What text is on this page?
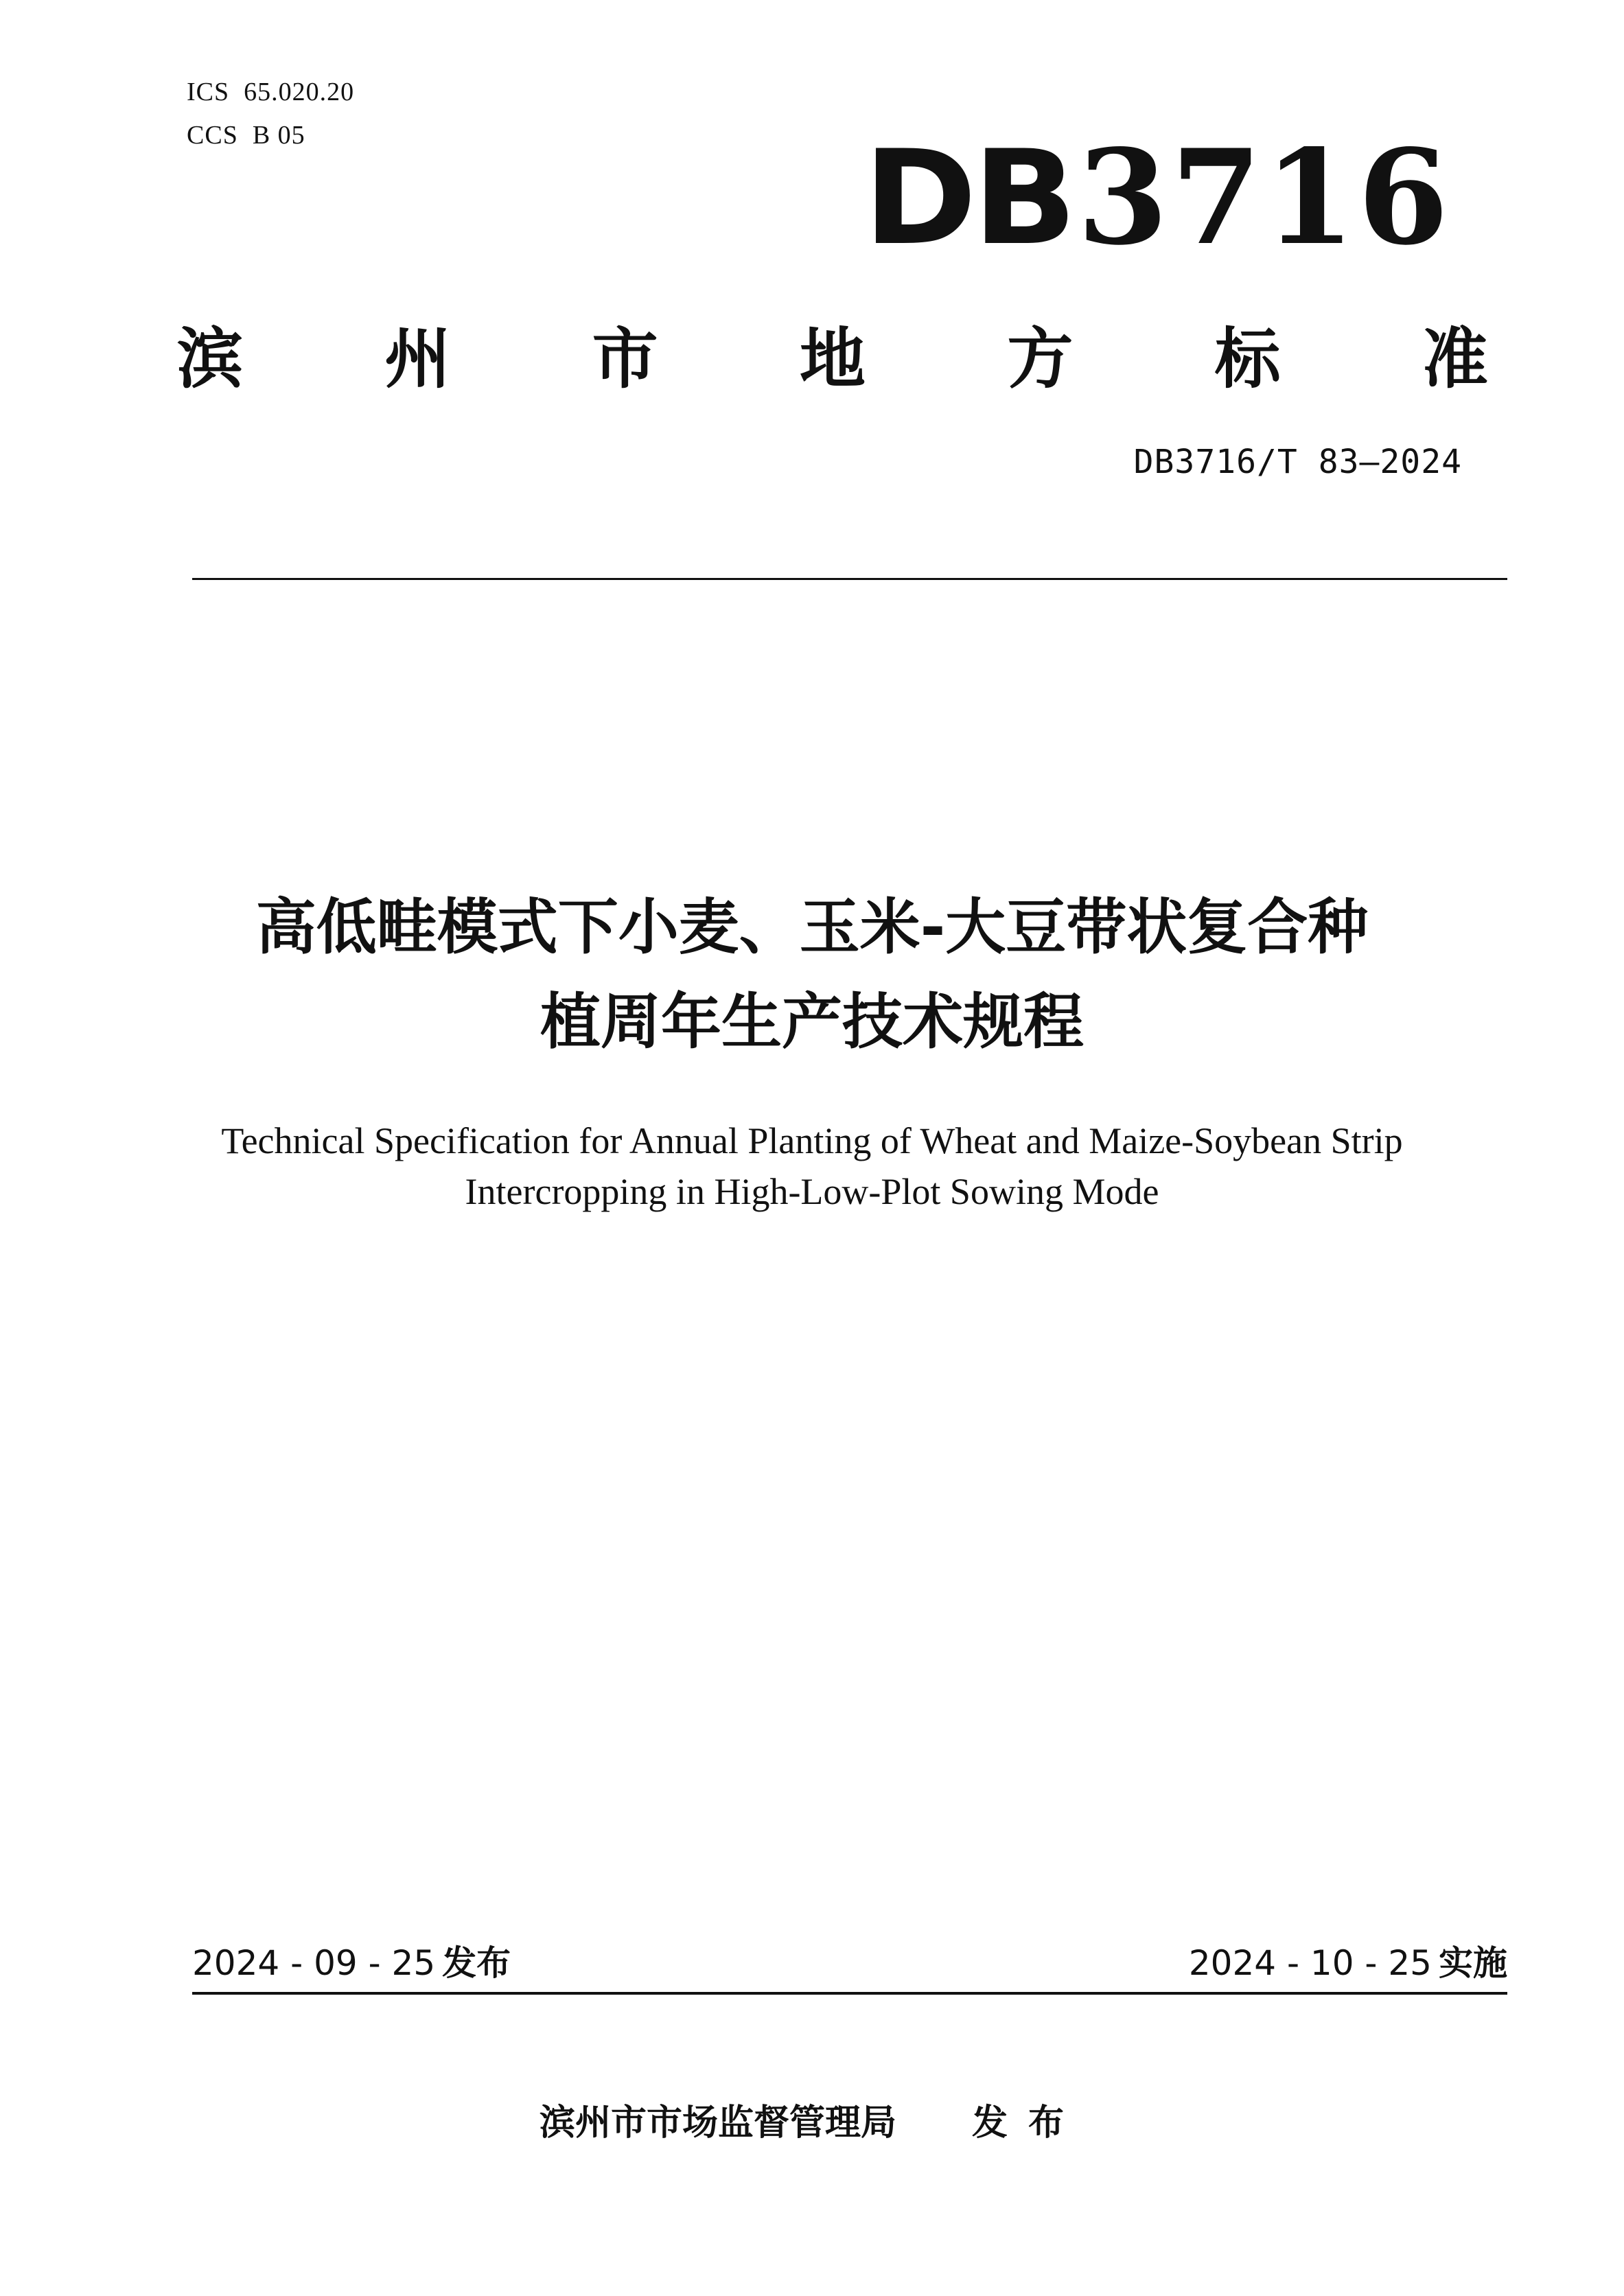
ICS  65.020.20
CCS  B 05	DB3716
滨 州 市 地 方 标 准
DB3716/T 83—2024
高低畦模式下小麦、玉米-大豆带状复合种
植周年生产技术规程
Technical Specification for Annual Planting of Wheat and Maize-Soybean Strip
Intercropping in High-Low-Plot Sowing Mode
2024 - 09 - 25 发布	2024 - 10 - 25 实施
滨州市市场监督管理局 发布
